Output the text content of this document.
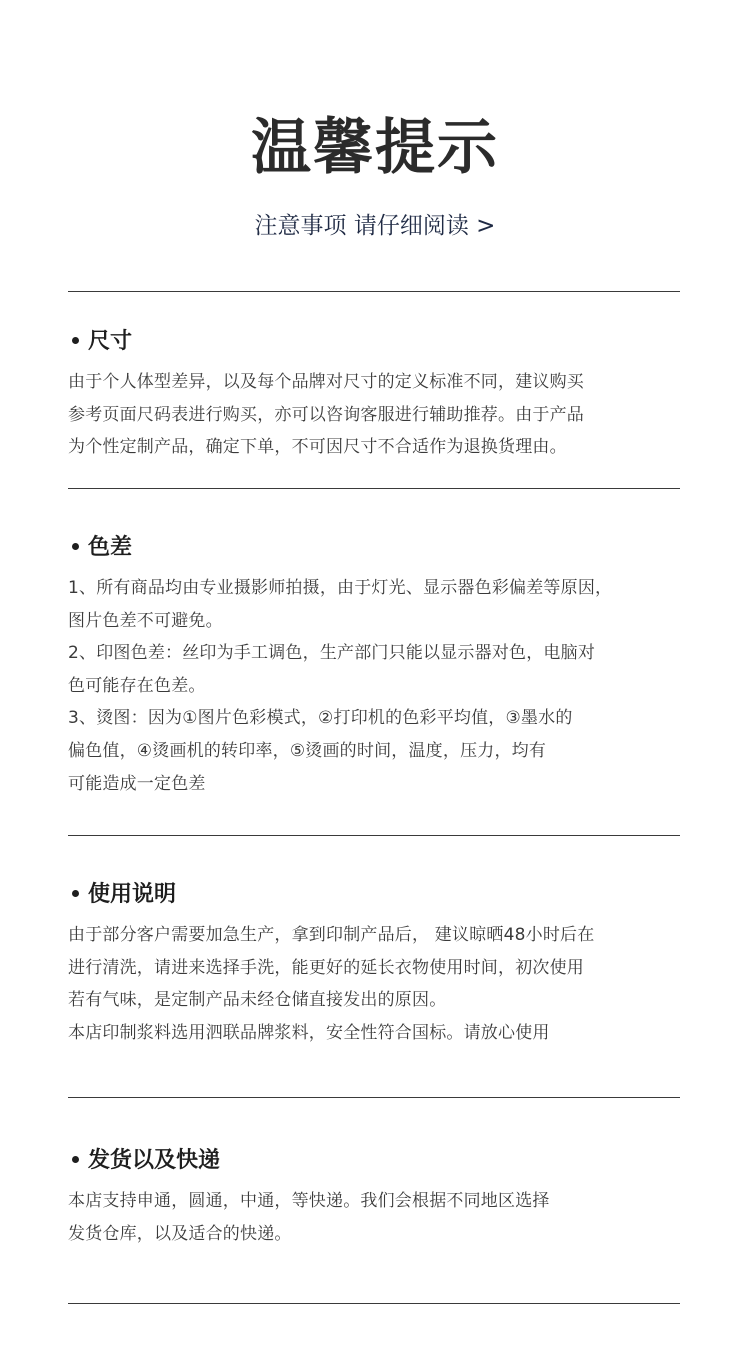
温馨提示
注意事项 请仔细阅读 >
尺寸
由于个人体型差异，以及每个品牌对尺寸的定义标准不同，建议购买
参考页面尺码表进行购买，亦可以咨询客服进行辅助推荐。由于产品
为个性定制产品，确定下单，不可因尺寸不合适作为退换货理由。
色差
1、所有商品均由专业摄影师拍摄，由于灯光、显示器色彩偏差等原因，
图片色差不可避免。
2、印图色差：丝印为手工调色，生产部门只能以显示器对色，电脑对
色可能存在色差。
3、烫图：因为①图片色彩模式，②打印机的色彩平均值，③墨水的
偏色值，④烫画机的转印率，⑤烫画的时间，温度，压力，均有
可能造成一定色差
使用说明
由于部分客户需要加急生产，拿到印制产品后， 建议晾晒48小时后在
进行清洗，请进来选择手洗，能更好的延长衣物使用时间，初次使用
若有气味，是定制产品未经仓储直接发出的原因。
本店印制浆料选用泗联品牌浆料，安全性符合国标。请放心使用
发货以及快递
本店支持申通，圆通，中通，等快递。我们会根据不同地区选择
发货仓库，以及适合的快递。
